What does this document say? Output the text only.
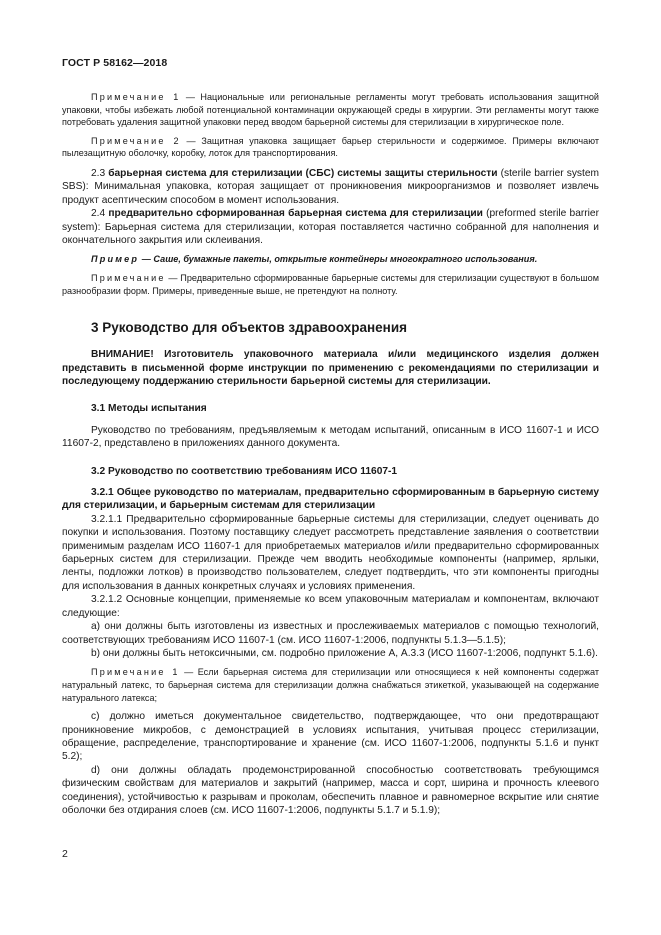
ГОСТ Р 58162—2018

Примечание 1 — Национальные или региональные регламенты могут требовать использования защитной упаковки, чтобы избежать любой потенциальной контаминации окружающей среды в хирургии. Эти регламенты могут также потребовать удаления защитной упаковки перед вводом барьерной системы для стерилизации в хирургическое поле.

Примечание 2 — Защитная упаковка защищает барьер стерильности и содержимое. Примеры включают пылезащитную оболочку, коробку, лоток для транспортирования.

2.3 барьерная система для стерилизации (СБС) системы защиты стерильности (sterile barrier system SBS): Минимальная упаковка, которая защищает от проникновения микроорганизмов и позволяет извлечь продукт асептическим способом в момент использования.

2.4 предварительно сформированная барьерная система для стерилизации (preformed sterile barrier system): Барьерная система для стерилизации, которая поставляется частично собранной для наполнения и окончательного закрытия или склеивания.

Пример — Саше, бумажные пакеты, открытые контейнеры многократного использования.

Примечание — Предварительно сформированные барьерные системы для стерилизации существуют в большом разнообразии форм. Примеры, приведенные выше, не претендуют на полноту.

3 Руководство для объектов здравоохранения

ВНИМАНИЕ! Изготовитель упаковочного материала и/или медицинского изделия должен представить в письменной форме инструкции по применению с рекомендациями по стерилизации и последующему поддержанию стерильности барьерной системы для стерилизации.

3.1 Методы испытания

Руководство по требованиям, предъявляемым к методам испытаний, описанным в ИСО 11607-1 и ИСО 11607-2, представлено в приложениях данного документа.

3.2 Руководство по соответствию требованиям ИСО 11607-1

3.2.1 Общее руководство по материалам, предварительно сформированным в барьерную систему для стерилизации, и барьерным системам для стерилизации

3.2.1.1 Предварительно сформированные барьерные системы для стерилизации, следует оценивать до покупки и использования. Поэтому поставщику следует рассмотреть представление заявления о соответствии применимым разделам ИСО 11607-1 для приобретаемых материалов и/или предварительно сформированных барьерных систем для стерилизации. Прежде чем вводить необходимые компоненты (например, ярлыки, ленты, подложки лотков) в производство пользователем, следует подтвердить, что эти компоненты пригодны для использования в данных конкретных случаях и условиях применения.

3.2.1.2 Основные концепции, применяемые ко всем упаковочным материалам и компонентам, включают следующие:

a) они должны быть изготовлены из известных и прослеживаемых материалов с помощью технологий, соответствующих требованиям ИСО 11607-1 (см. ИСО 11607-1:2006, подпункты 5.1.3—5.1.5);

b) они должны быть нетоксичными, см. подробно приложение А, А.3.3 (ИСО 11607-1:2006, подпункт 5.1.6).

Примечание 1 — Если барьерная система для стерилизации или относящиеся к ней компоненты содержат натуральный латекс, то барьерная система для стерилизации должна снабжаться этикеткой, указывающей на содержание натурального латекса;

c) должно иметься документальное свидетельство, подтверждающее, что они предотвращают проникновение микробов, с демонстрацией в условиях испытания, учитывая процесс стерилизации, обращение, распределение, транспортирование и хранение (см. ИСО 11607-1:2006, подпункты 5.1.6 и пункт 5.2);

d) они должны обладать продемонстрированной способностью соответствовать требующимся физическим свойствам для материалов и закрытий (например, масса и сорт, ширина и прочность клеевого соединения), устойчивостью к разрывам и проколам, обеспечить плавное и равномерное вскрытие или снятие оболочки без отдирания слоев (см. ИСО 11607-1:2006, подпункты 5.1.7 и 5.1.9);

2
